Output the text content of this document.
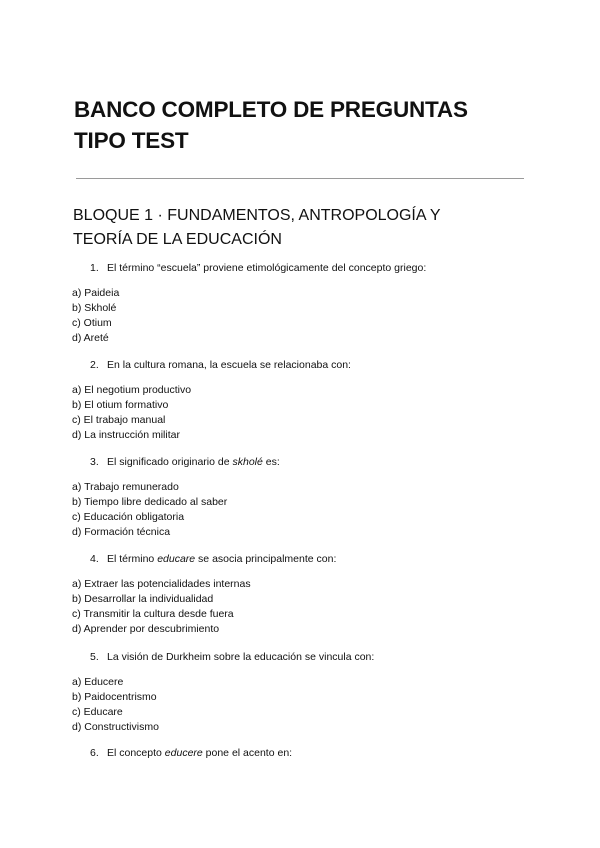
BANCO COMPLETO DE PREGUNTAS
TIPO TEST
BLOQUE 1 · FUNDAMENTOS, ANTROPOLOGÍA Y
TEORÍA DE LA EDUCACIÓN
1. El término “escuela” proviene etimológicamente del concepto griego:
a) Paideia
b) Skholé
c) Otium
d) Areté
2. En la cultura romana, la escuela se relacionaba con:
a) El negotium productivo
b) El otium formativo
c) El trabajo manual
d) La instrucción militar
3. El significado originario de skholé es:
a) Trabajo remunerado
b) Tiempo libre dedicado al saber
c) Educación obligatoria
d) Formación técnica
4. El término educare se asocia principalmente con:
a) Extraer las potencialidades internas
b) Desarrollar la individualidad
c) Transmitir la cultura desde fuera
d) Aprender por descubrimiento
5. La visión de Durkheim sobre la educación se vincula con:
a) Educere
b) Paidocentrismo
c) Educare
d) Constructivismo
6. El concepto educere pone el acento en:
